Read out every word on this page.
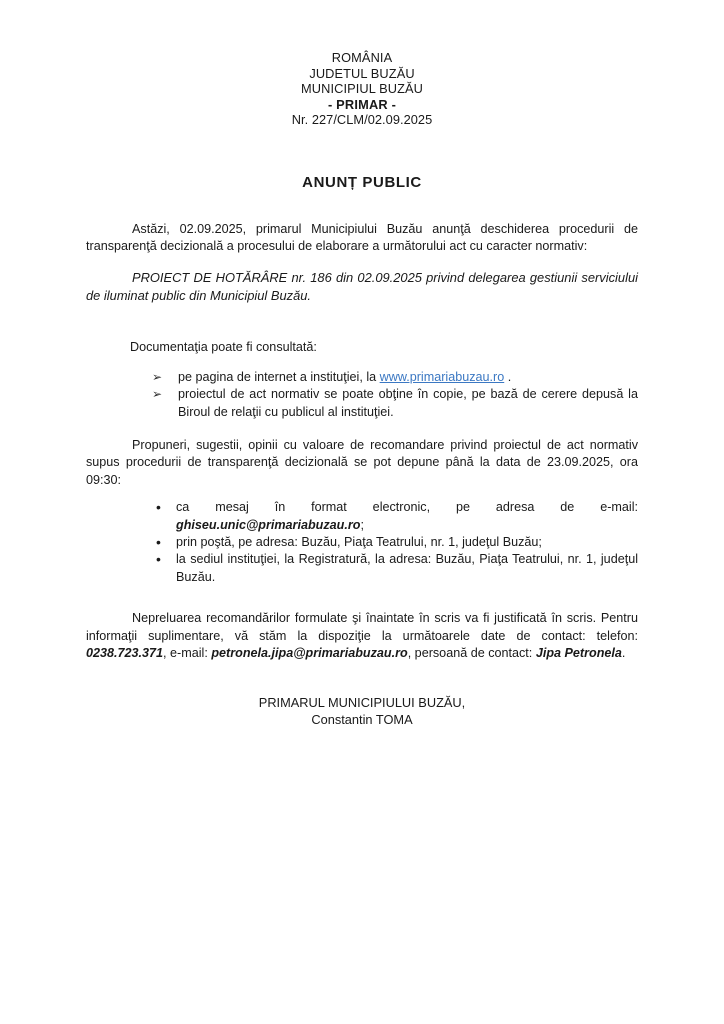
ROMÂNIA
JUDETUL BUZĂU
MUNICIPIUL BUZĂU
- PRIMAR -
Nr. 227/CLM/02.09.2025
ANUNȚ PUBLIC

Astăzi, 02.09.2025, primarul Municipiului Buzău anunţă deschiderea procedurii de transparenţă decizională a procesului de elaborare a următorului act cu caracter normativ:

PROIECT DE HOTĂRÂRE nr. 186 din 02.09.2025 privind delegarea gestiunii serviciului de iluminat public din Municipiul Buzău.

Documentaţia poate fi consultată:

➢ pe pagina de internet a instituţiei, la www.primariabuzau.ro .
➢ proiectul de act normativ se poate obţine în copie, pe bază de cerere depusă la Biroul de relaţii cu publicul al instituţiei.

Propuneri, sugestii, opinii cu valoare de recomandare privind proiectul de act normativ supus procedurii de transparenţă decizională se pot depune până la data de 23.09.2025, ora 09:30:

• ca mesaj în format electronic, pe adresa de e-mail: ghiseu.unic@primariabuzau.ro;
• prin poştă, pe adresa: Buzău, Piaţa Teatrului, nr. 1, judeţul Buzău;
• la sediul instituţiei, la Registratură, la adresa: Buzău, Piaţa Teatrului, nr. 1, judeţul Buzău.

Nepreluarea recomandărilor formulate şi înaintate în scris va fi justificată în scris. Pentru informaţii suplimentare, vă stăm la dispoziţie la următoarele date de contact: telefon: 0238.723.371, e-mail: petronela.jipa@primariabuzau.ro, persoană de contact: Jipa Petronela.

PRIMARUL MUNICIPIULUI BUZĂU,
Constantin TOMA
